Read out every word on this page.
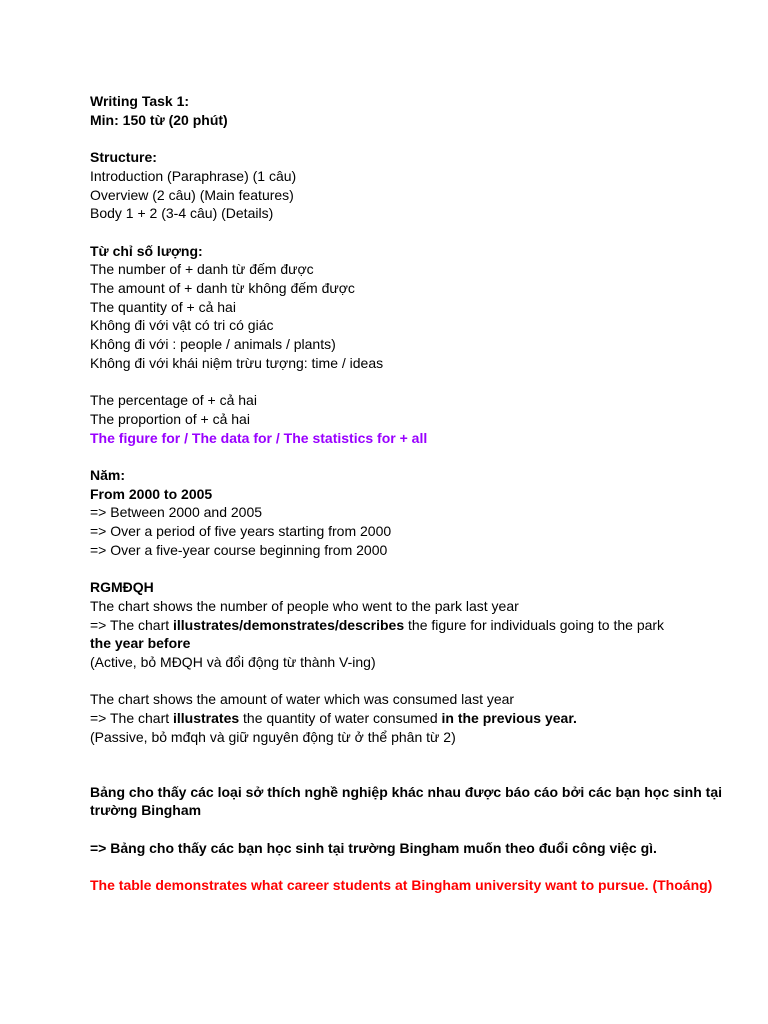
Writing Task 1:
Min: 150 từ (20 phút)
Structure:
Introduction (Paraphrase) (1 câu)
Overview (2 câu) (Main features)
Body 1 + 2 (3-4 câu) (Details)
Từ chỉ số lượng:
The number of + danh từ đếm được
The amount of + danh từ không đếm được
The quantity of + cả hai
Không đi với vật có tri có giác
Không đi với : people / animals / plants)
Không đi với khái niệm trừu tượng: time / ideas
The percentage of + cả hai
The proportion of + cả hai
The figure for / The data for / The statistics for + all
Năm:
From 2000 to 2005
=> Between 2000 and 2005
=> Over a period of five years starting from 2000
=> Over a five-year course beginning from 2000
RGMĐQH
The chart shows the number of people who went to the park last year
=> The chart illustrates/demonstrates/describes the figure for individuals going to the park
the year before
(Active, bỏ MĐQH và đổi động từ thành V-ing)
The chart shows the amount of water which was consumed last year
=> The chart illustrates the quantity of water consumed in the previous year.
(Passive, bỏ mđqh và giữ nguyên động từ ở thể phân từ 2)
Bảng cho thấy các loại sở thích nghề nghiệp khác nhau được báo cáo bởi các bạn học sinh tại trường Bingham
=> Bảng cho thấy các bạn học sinh tại trường Bingham muốn theo đuổi công việc gì.
The table demonstrates what career students at Bingham university want to pursue. (Thoáng)
